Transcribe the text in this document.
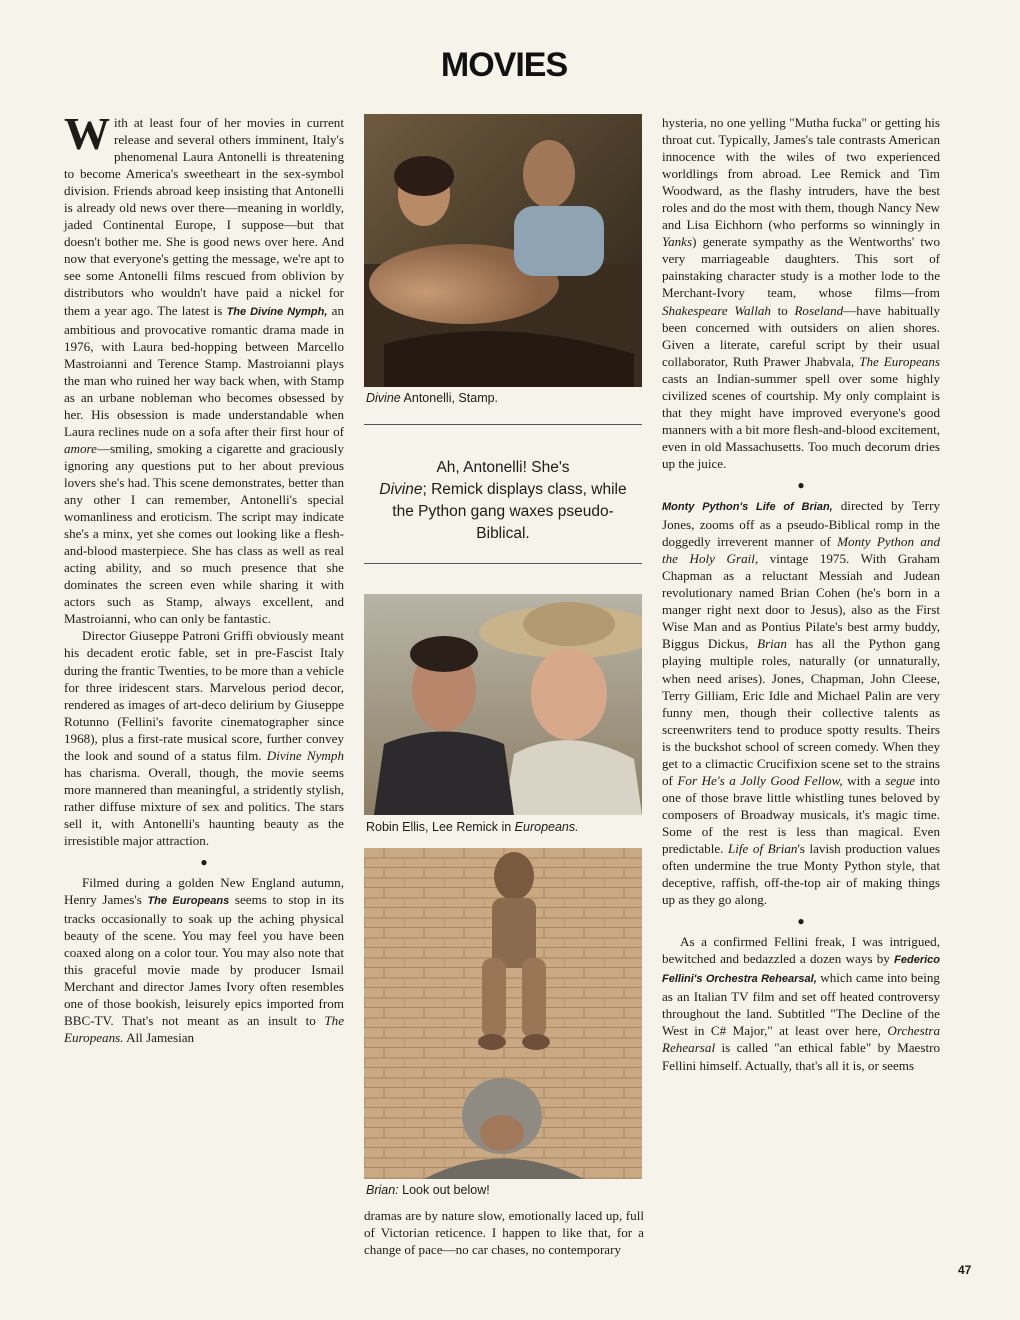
MOVIES

With at least four of her movies in current release and several others imminent, Italy's phenomenal Laura Antonelli is threatening to become America's sweetheart in the sex-symbol division. Friends abroad keep insisting that Antonelli is already old news over there—meaning in worldly, jaded Continental Europe, I suppose—but that doesn't bother me. She is good news over here. And now that everyone's getting the message, we're apt to see some Antonelli films rescued from oblivion by distributors who wouldn't have paid a nickel for them a year ago. The latest is The Divine Nymph, an ambitious and provocative romantic drama made in 1976, with Laura bed-hopping between Marcello Mastroianni and Terence Stamp. Mastroianni plays the man who ruined her way back when, with Stamp as an urbane nobleman who becomes obsessed by her. His obsession is made understandable when Laura reclines nude on a sofa after their first hour of amore—smiling, smoking a cigarette and graciously ignoring any questions put to her about previous lovers she's had. This scene demonstrates, better than any other I can remember, Antonelli's special womanliness and eroticism. The script may indicate she's a minx, yet she comes out looking like a flesh-and-blood masterpiece. She has class as well as real acting ability, and so much presence that she dominates the screen even while sharing it with actors such as Stamp, always excellent, and Mastroianni, who can only be fantastic.

Director Giuseppe Patroni Griffi obviously meant his decadent erotic fable, set in pre-Fascist Italy during the frantic Twenties, to be more than a vehicle for three iridescent stars. Marvelous period decor, rendered as images of art-deco delirium by Giuseppe Rotunno (Fellini's favorite cinematographer since 1968), plus a first-rate musical score, further convey the look and sound of a status film. Divine Nymph has charisma. Overall, though, the movie seems more mannered than meaningful, a stridently stylish, rather diffuse mixture of sex and politics. The stars sell it, with Antonelli's haunting beauty as the irresistible major attraction.

●

Filmed during a golden New England autumn, Henry James's The Europeans seems to stop in its tracks occasionally to soak up the aching physical beauty of the scene. You may feel you have been coaxed along on a color tour. You may also note that this graceful movie made by producer Ismail Merchant and director James Ivory often resembles one of those bookish, leisurely epics imported from BBC-TV. That's not meant as an insult to The Europeans. All Jamesian

Divine Antonelli, Stamp.
Ah, Antonelli! She's
Divine; Remick displays class, while the Python gang waxes pseudo-Biblical.
Robin Ellis, Lee Remick in Europeans.
Brian: Look out below!

dramas are by nature slow, emotionally laced up, full of Victorian reticence. I happen to like that, for a change of pace—no car chases, no contemporary

hysteria, no one yelling "Mutha fucka" or getting his throat cut. Typically, James's tale contrasts American innocence with the wiles of two experienced worldlings from abroad. Lee Remick and Tim Woodward, as the flashy intruders, have the best roles and do the most with them, though Nancy New and Lisa Eichhorn (who performs so winningly in Yanks) generate sympathy as the Wentworths' two very marriageable daughters. This sort of painstaking character study is a mother lode to the Merchant-Ivory team, whose films—from Shakespeare Wallah to Roseland—have habitually been concerned with outsiders on alien shores. Given a literate, careful script by their usual collaborator, Ruth Prawer Jhabvala, The Europeans casts an Indian-summer spell over some highly civilized scenes of courtship. My only complaint is that they might have improved everyone's good manners with a bit more flesh-and-blood excitement, even in old Massachusetts. Too much decorum dries up the juice.

●

Monty Python's Life of Brian, directed by Terry Jones, zooms off as a pseudo-Biblical romp in the doggedly irreverent manner of Monty Python and the Holy Grail, vintage 1975. With Graham Chapman as a reluctant Messiah and Judean revolutionary named Brian Cohen (he's born in a manger right next door to Jesus), also as the First Wise Man and as Pontius Pilate's best army buddy, Biggus Dickus, Brian has all the Python gang playing multiple roles, naturally (or unnaturally, when need arises). Jones, Chapman, John Cleese, Terry Gilliam, Eric Idle and Michael Palin are very funny men, though their collective talents as screenwriters tend to produce spotty results. Theirs is the buckshot school of screen comedy. When they get to a climactic Crucifixion scene set to the strains of For He's a Jolly Good Fellow, with a segue into one of those brave little whistling tunes beloved by composers of Broadway musicals, it's magic time. Some of the rest is less than magical. Even predictable. Life of Brian's lavish production values often undermine the true Monty Python style, that deceptive, raffish, off-the-top air of making things up as they go along.

●

As a confirmed Fellini freak, I was intrigued, bewitched and bedazzled a dozen ways by Federico Fellini's Orchestra Rehearsal, which came into being as an Italian TV film and set off heated controversy throughout the land. Subtitled "The Decline of the West in C# Major," at least over here, Orchestra Rehearsal is called "an ethical fable" by Maestro Fellini himself. Actually, that's all it is, or seems

47
